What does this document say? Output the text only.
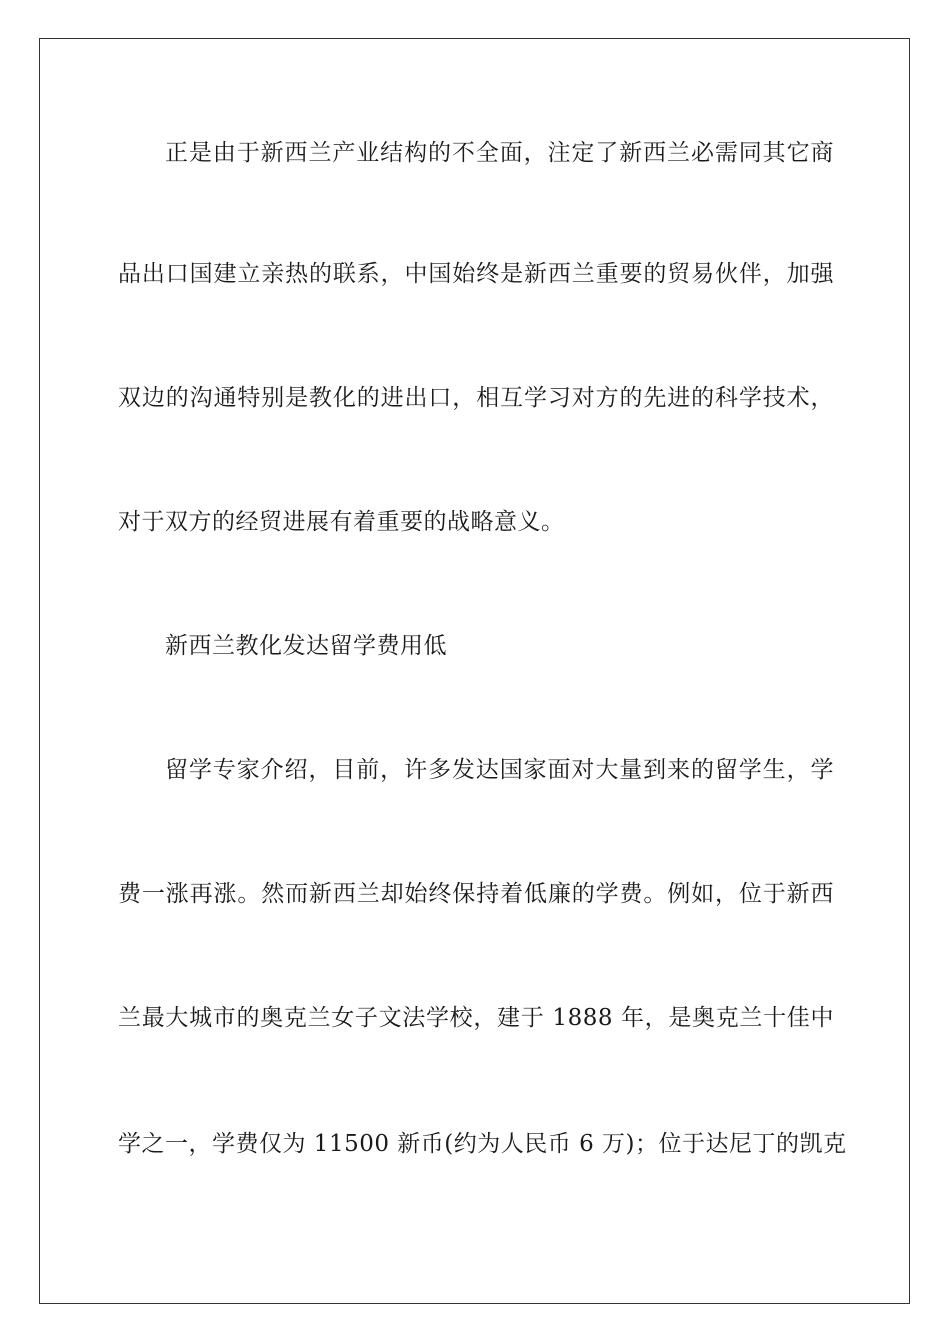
正是由于新西兰产业结构的不全面，注定了新西兰必需同其它商
品出口国建立亲热的联系，中国始终是新西兰重要的贸易伙伴，加强
双边的沟通特别是教化的进出口，相互学习对方的先进的科学技术，
对于双方的经贸进展有着重要的战略意义。
新西兰教化发达留学费用低
留学专家介绍，目前，许多发达国家面对大量到来的留学生，学
费一涨再涨。然而新西兰却始终保持着低廉的学费。例如，位于新西
兰最大城市的奥克兰女子文法学校，建于 1888 年，是奥克兰十佳中
学之一，学费仅为 11500 新币(约为人民币 6 万)；位于达尼丁的凯克
